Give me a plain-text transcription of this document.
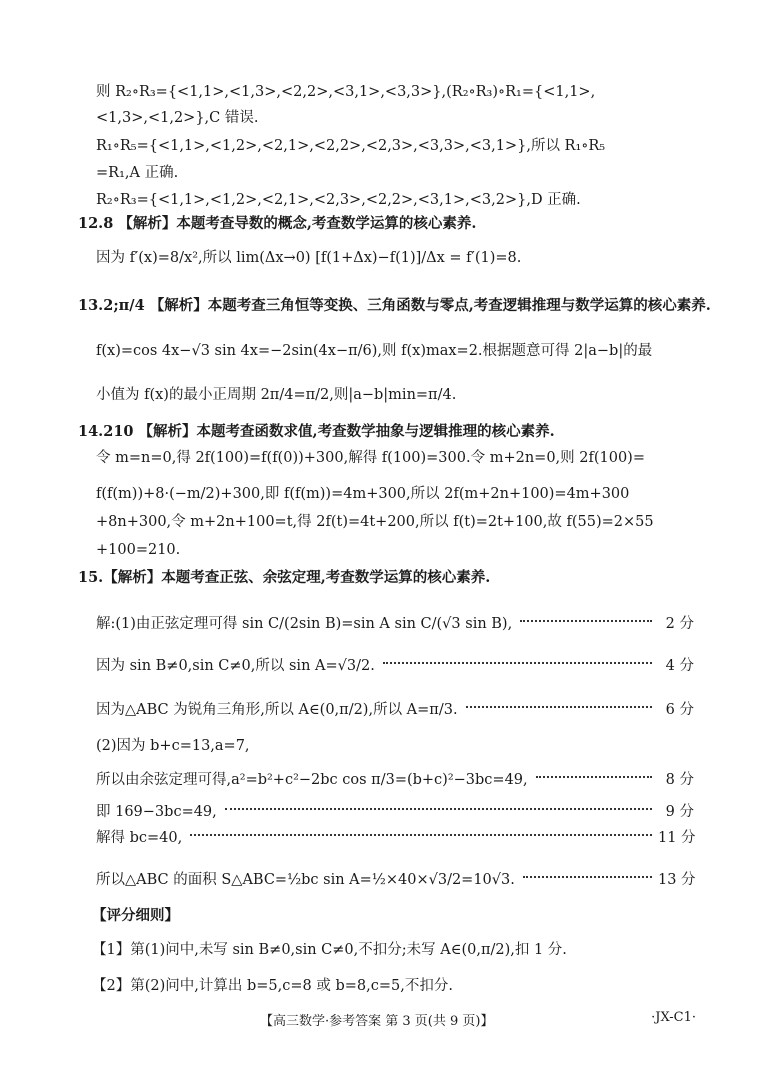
则 R₂∘R₃={<1,1>,<1,3>,<2,2>,<3,1>,<3,3>},(R₂∘R₃)∘R₁={<1,1>,
<1,3>,<1,2>},C 错误.
R₁∘R₅={<1,1>,<1,2>,<2,1>,<2,2>,<2,3>,<3,3>,<3,1>},所以 R₁∘R₅
=R₁,A 正确.
R₂∘R₃={<1,1>,<1,2>,<2,1>,<2,3>,<2,2>,<3,1>,<3,2>},D 正确.
12.8 【解析】本题考查导数的概念,考查数学运算的核心素养.
因为 f′(x)=8/x²,所以 lim(Δx→0) [f(1+Δx)−f(1)]/Δx = f′(1)=8.
13.2;π/4 【解析】本题考查三角恒等变换、三角函数与零点,考查逻辑推理与数学运算的核心素养.
f(x)=cos 4x−√3 sin 4x=−2sin(4x−π/6),则 f(x)max=2.根据题意可得 2|a−b|的最
小值为 f(x)的最小正周期 2π/4=π/2,则|a−b|min=π/4.
14.210 【解析】本题考查函数求值,考查数学抽象与逻辑推理的核心素养.
令 m=n=0,得 2f(100)=f(f(0))+300,解得 f(100)=300.令 m+2n=0,则 2f(100)=
f(f(m))+8·(−m/2)+300,即 f(f(m))=4m+300,所以 2f(m+2n+100)=4m+300
+8n+300,令 m+2n+100=t,得 2f(t)=4t+200,所以 f(t)=2t+100,故 f(55)=2×55
+100=210.
15.【解析】本题考查正弦、余弦定理,考查数学运算的核心素养.
解:(1)由正弦定理可得 sin C/(2sin B)=sin A sin C/(√3 sin B),	2 分
因为 sin B≠0,sin C≠0,所以 sin A=√3/2.	4 分
因为△ABC 为锐角三角形,所以 A∈(0,π/2),所以 A=π/3.	6 分
(2)因为 b+c=13,a=7,
所以由余弦定理可得,a²=b²+c²−2bc cos π/3=(b+c)²−3bc=49,	8 分
即 169−3bc=49,	9 分
解得 bc=40,	11 分
所以△ABC 的面积 S△ABC=½bc sin A=½×40×√3/2=10√3.	13 分
【评分细则】
【1】第(1)问中,未写 sin B≠0,sin C≠0,不扣分;未写 A∈(0,π/2),扣 1 分.
【2】第(2)问中,计算出 b=5,c=8 或 b=8,c=5,不扣分.
【高三数学·参考答案 第 3 页(共 9 页)】	·JX-C1·
